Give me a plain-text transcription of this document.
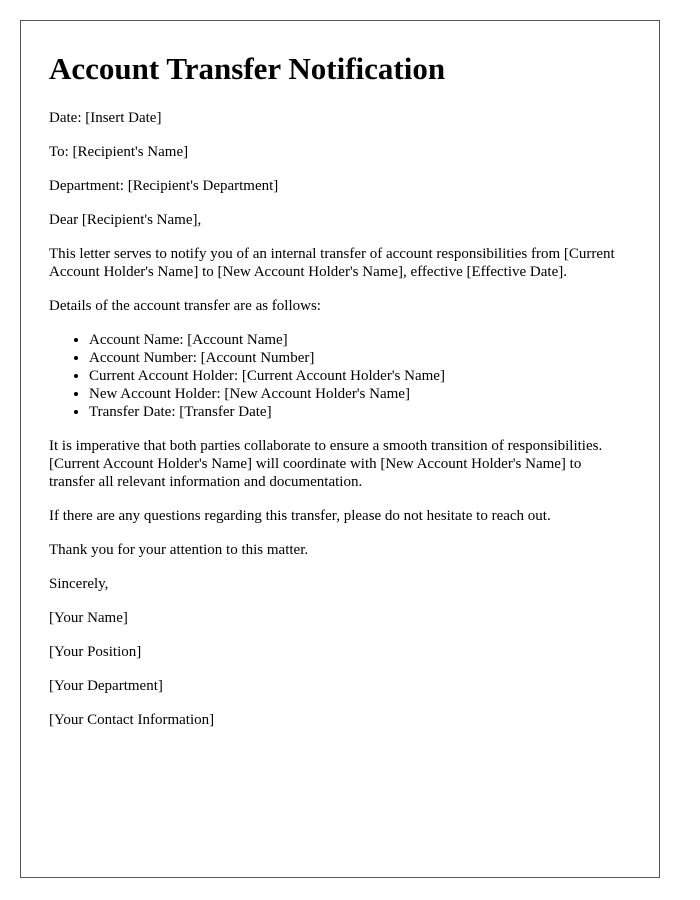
Account Transfer Notification

Date: [Insert Date]

To: [Recipient's Name]

Department: [Recipient's Department]

Dear [Recipient's Name],

This letter serves to notify you of an internal transfer of account responsibilities from [Current Account Holder's Name] to [New Account Holder's Name], effective [Effective Date].

Details of the account transfer are as follows:

• Account Name: [Account Name]
• Account Number: [Account Number]
• Current Account Holder: [Current Account Holder's Name]
• New Account Holder: [New Account Holder's Name]
• Transfer Date: [Transfer Date]

It is imperative that both parties collaborate to ensure a smooth transition of responsibilities. [Current Account Holder's Name] will coordinate with [New Account Holder's Name] to transfer all relevant information and documentation.

If there are any questions regarding this transfer, please do not hesitate to reach out.

Thank you for your attention to this matter.

Sincerely,

[Your Name]

[Your Position]

[Your Department]

[Your Contact Information]
